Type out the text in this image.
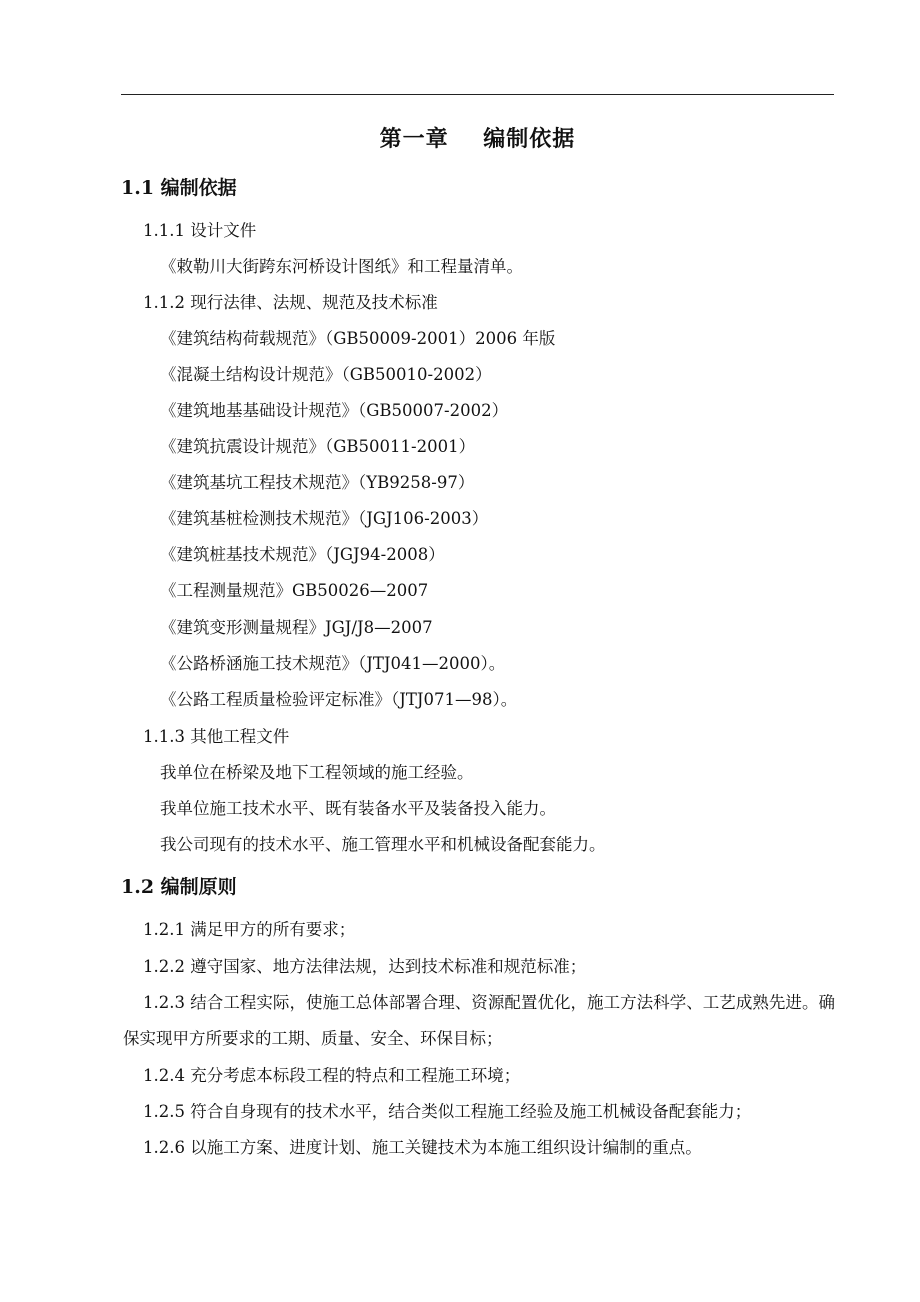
第一章    编制依据
1.1 编制依据
1.1.1 设计文件
《敕勒川大街跨东河桥设计图纸》和工程量清单。
1.1.2 现行法律、法规、规范及技术标准
《建筑结构荷载规范》（GB50009-2001）2006 年版
《混凝土结构设计规范》（GB50010-2002）
《建筑地基基础设计规范》（GB50007-2002）
《建筑抗震设计规范》（GB50011-2001）
《建筑基坑工程技术规范》（YB9258-97）
《建筑基桩检测技术规范》（JGJ106-2003）
《建筑桩基技术规范》（JGJ94-2008）
《工程测量规范》GB50026—2007
《建筑变形测量规程》JGJ/J8—2007
《公路桥涵施工技术规范》（JTJ041—2000）。
《公路工程质量检验评定标准》（JTJ071—98）。
1.1.3 其他工程文件
我单位在桥梁及地下工程领域的施工经验。
我单位施工技术水平、既有装备水平及装备投入能力。
我公司现有的技术水平、施工管理水平和机械设备配套能力。
1.2 编制原则
1.2.1 满足甲方的所有要求；
1.2.2 遵守国家、地方法律法规，达到技术标准和规范标准；
1.2.3 结合工程实际，使施工总体部署合理、资源配置优化，施工方法科学、工艺成熟先进。确保实现甲方所要求的工期、质量、安全、环保目标；
1.2.4 充分考虑本标段工程的特点和工程施工环境；
1.2.5 符合自身现有的技术水平，结合类似工程施工经验及施工机械设备配套能力；
1.2.6 以施工方案、进度计划、施工关键技术为本施工组织设计编制的重点。
